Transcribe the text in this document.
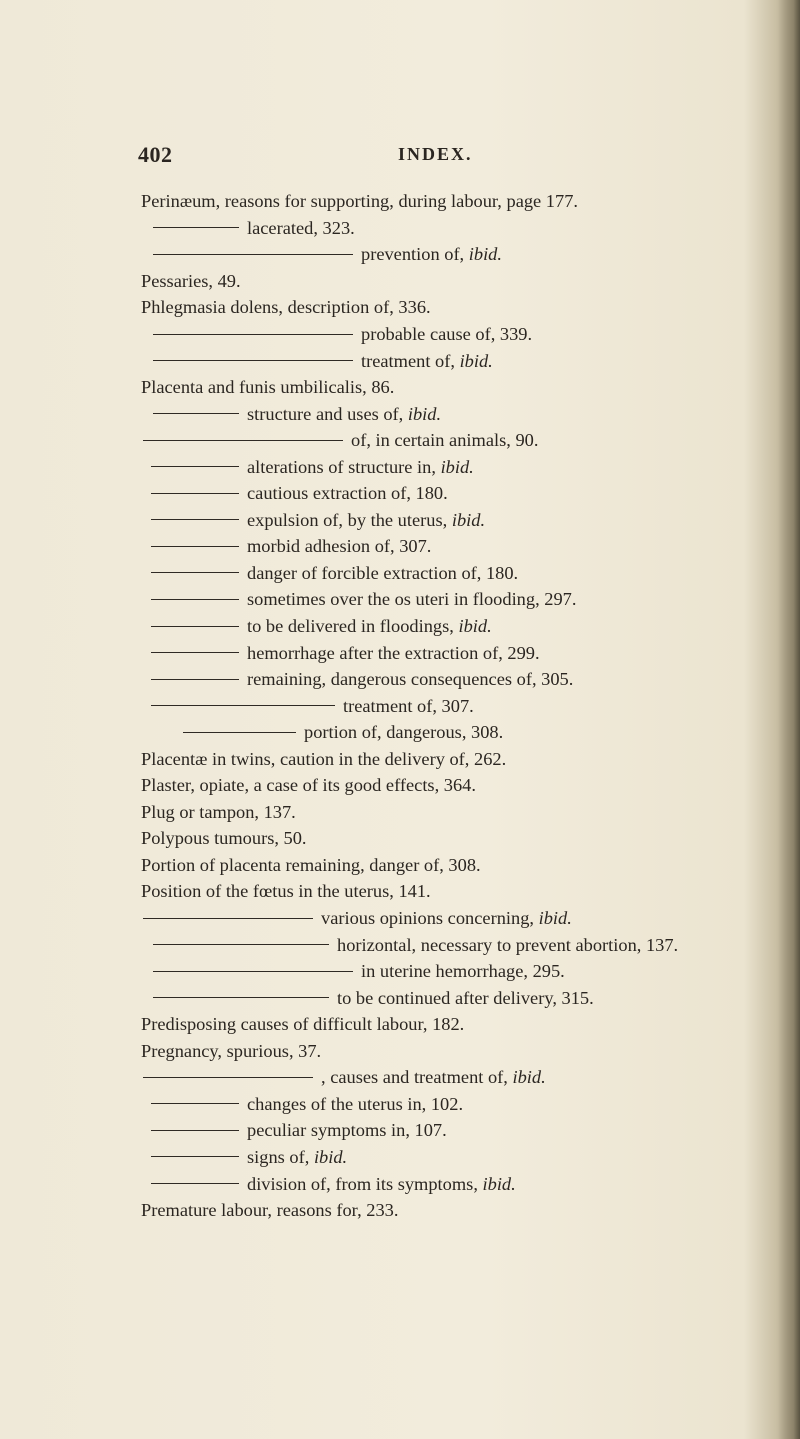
402	INDEX.
Perinæum, reasons for supporting, during labour, page 177.
lacerated, 323.
prevention of, ibid.
Pessaries, 49.
Phlegmasia dolens, description of, 336.
probable cause of, 339.
treatment of, ibid.
Placenta and funis umbilicalis, 86.
structure and uses of, ibid.
of, in certain animals, 90.
alterations of structure in, ibid.
cautious extraction of, 180.
expulsion of, by the uterus, ibid.
morbid adhesion of, 307.
danger of forcible extraction of, 180.
sometimes over the os uteri in flooding, 297.
to be delivered in floodings, ibid.
hemorrhage after the extraction of, 299.
remaining, dangerous consequences of, 305.
treatment of, 307.
portion of, dangerous, 308.
Placentæ in twins, caution in the delivery of, 262.
Plaster, opiate, a case of its good effects, 364.
Plug or tampon, 137.
Polypous tumours, 50.
Portion of placenta remaining, danger of, 308.
Position of the fœtus in the uterus, 141.
various opinions concerning, ibid.
horizontal, necessary to prevent abortion, 137.
in uterine hemorrhage, 295.
to be continued after delivery, 315.
Predisposing causes of difficult labour, 182.
Pregnancy, spurious, 37.
, causes and treatment of, ibid.
changes of the uterus in, 102.
peculiar symptoms in, 107.
signs of, ibid.
division of, from its symptoms, ibid.
Premature labour, reasons for, 233.
